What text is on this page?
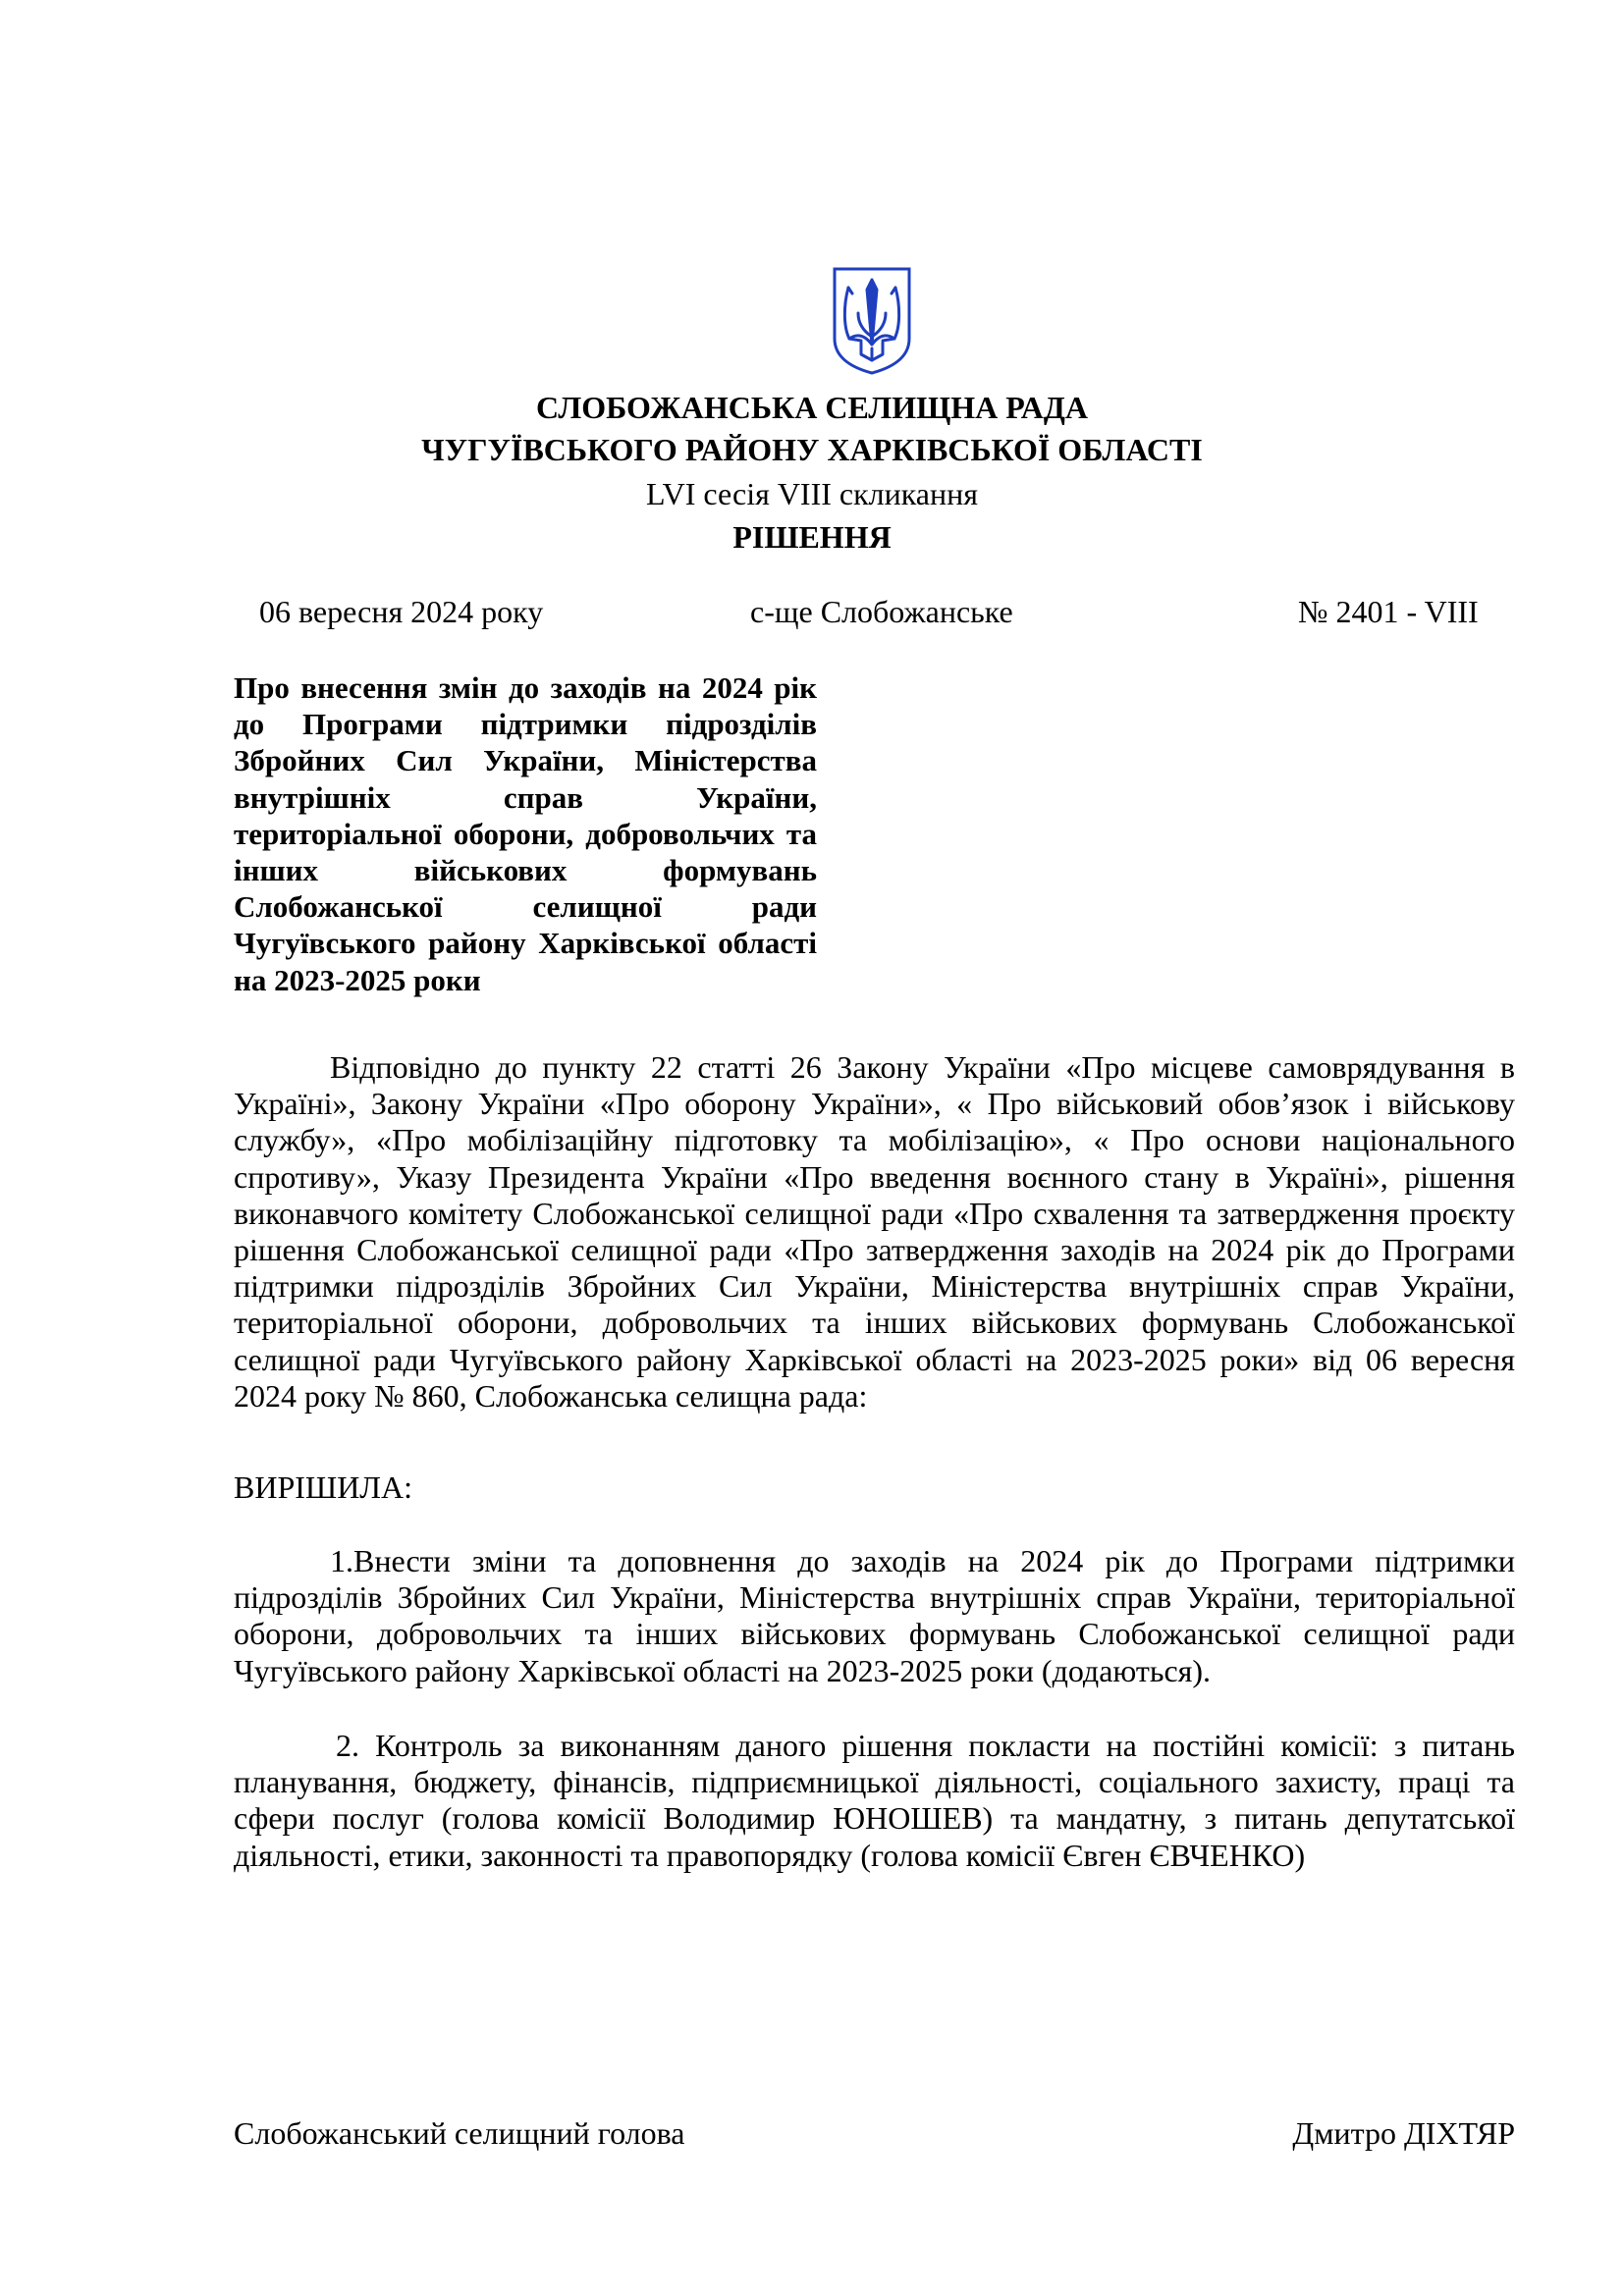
СЛОБОЖАНСЬКА СЕЛИЩНА РАДА
ЧУГУЇВСЬКОГО РАЙОНУ ХАРКІВСЬКОЇ ОБЛАСТІ
LVI сесія VIII скликання
РІШЕННЯ
06 вересня 2024 року	с-ще Слобожанське	№ 2401 - VIII

Про внесення змін до заходів на 2024 рік до Програми підтримки підрозділів Збройних Сил України, Міністерства внутрішніх справ України, територіальної оборони, добровольчих та інших військових формувань Слобожанської селищної ради Чугуївського району Харківської області на 2023-2025 роки

Відповідно до пункту 22 статті 26 Закону України «Про місцеве самоврядування в Україні», Закону України «Про оборону України», « Про військовий обов’язок і військову службу», «Про мобілізаційну підготовку та мобілізацію», « Про основи національного спротиву», Указу Президента України «Про введення воєнного стану в Україні», рішення виконавчого комітету Слобожанської селищної ради «Про схвалення та затвердження проєкту рішення Слобожанської селищної ради «Про затвердження заходів на 2024 рік до Програми підтримки підрозділів Збройних Сил України, Міністерства внутрішніх справ України, територіальної оборони, добровольчих та інших військових формувань Слобожанської селищної ради Чугуївського району Харківської області на 2023-2025 роки» від 06 вересня 2024 року № 860, Слобожанська селищна рада:

ВИРІШИЛА:

1.Внести зміни та доповнення до заходів на 2024 рік до Програми підтримки підрозділів Збройних Сил України, Міністерства внутрішніх справ України, територіальної оборони, добровольчих та інших військових формувань Слобожанської селищної ради Чугуївського району Харківської області на 2023-2025 роки (додаються).

2. Контроль за виконанням даного рішення покласти на постійні комісії: з питань планування, бюджету, фінансів, підприємницької діяльності, соціального захисту, праці та сфери послуг (голова комісії Володимир ЮНОШЕВ) та мандатну, з питань депутатської діяльності, етики, законності та правопорядку (голова комісії Євген ЄВЧЕНКО)

Слобожанський селищний голова	Дмитро ДІХТЯР
